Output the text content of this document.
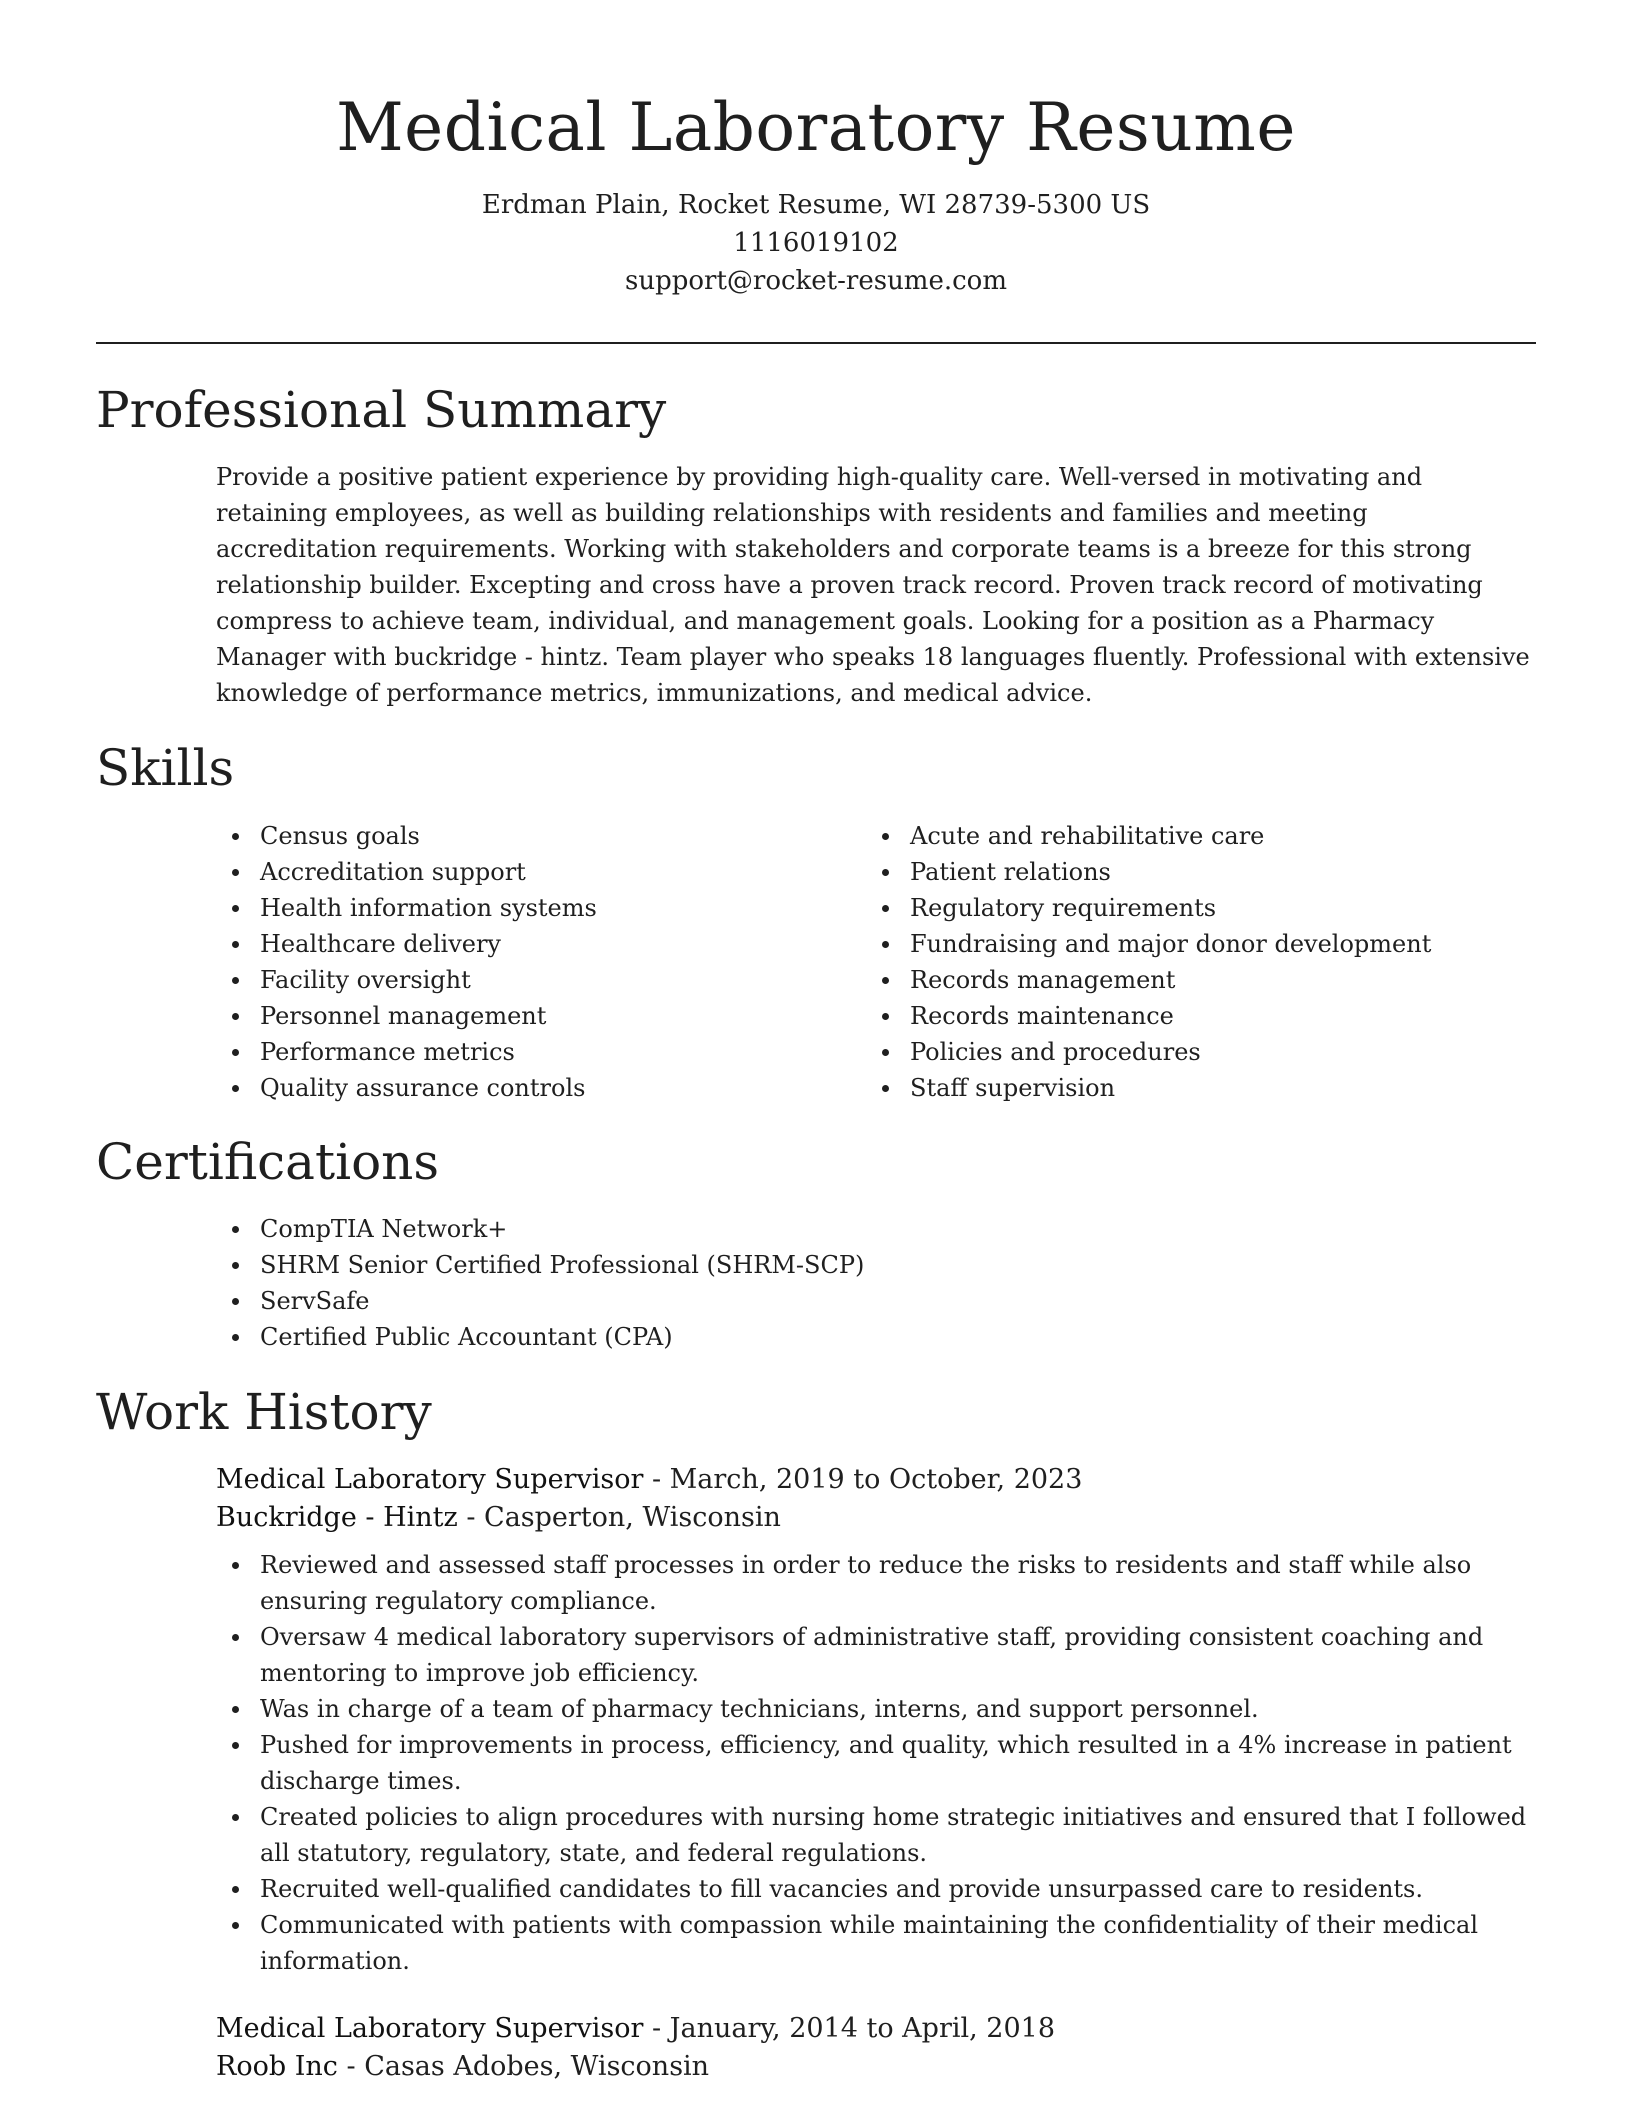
Medical Laboratory Resume
Erdman Plain, Rocket Resume, WI 28739-5300 US
1116019102
support@rocket-resume.com
Professional Summary

Provide a positive patient experience by providing high-quality care. Well-versed in motivating and retaining employees, as well as building relationships with residents and families and meeting accreditation requirements. Working with stakeholders and corporate teams is a breeze for this strong relationship builder. Excepting and cross have a proven track record. Proven track record of motivating compress to achieve team, individual, and management goals. Looking for a position as a Pharmacy Manager with buckridge - hintz. Team player who speaks 18 languages fluently. Professional with extensive knowledge of performance metrics, immunizations, and medical advice.

Skills
Census goals
Accreditation support
Health information systems
Healthcare delivery
Facility oversight
Personnel management
Performance metrics
Quality assurance controls
Acute and rehabilitative care
Patient relations
Regulatory requirements
Fundraising and major donor development
Records management
Records maintenance
Policies and procedures
Staff supervision
Certifications
CompTIA Network+
SHRM Senior Certified Professional (SHRM-SCP)
ServSafe
Certified Public Accountant (CPA)
Work History
Medical Laboratory Supervisor - March, 2019 to October, 2023
Buckridge - Hintz - Casperton, Wisconsin
Reviewed and assessed staff processes in order to reduce the risks to residents and staff while also ensuring regulatory compliance.
Oversaw 4 medical laboratory supervisors of administrative staff, providing consistent coaching and mentoring to improve job efficiency.
Was in charge of a team of pharmacy technicians, interns, and support personnel.
Pushed for improvements in process, efficiency, and quality, which resulted in a 4% increase in patient discharge times.
Created policies to align procedures with nursing home strategic initiatives and ensured that I followed all statutory, regulatory, state, and federal regulations.
Recruited well-qualified candidates to fill vacancies and provide unsurpassed care to residents.
Communicated with patients with compassion while maintaining the confidentiality of their medical information.
Medical Laboratory Supervisor - January, 2014 to April, 2018
Roob Inc - Casas Adobes, Wisconsin
